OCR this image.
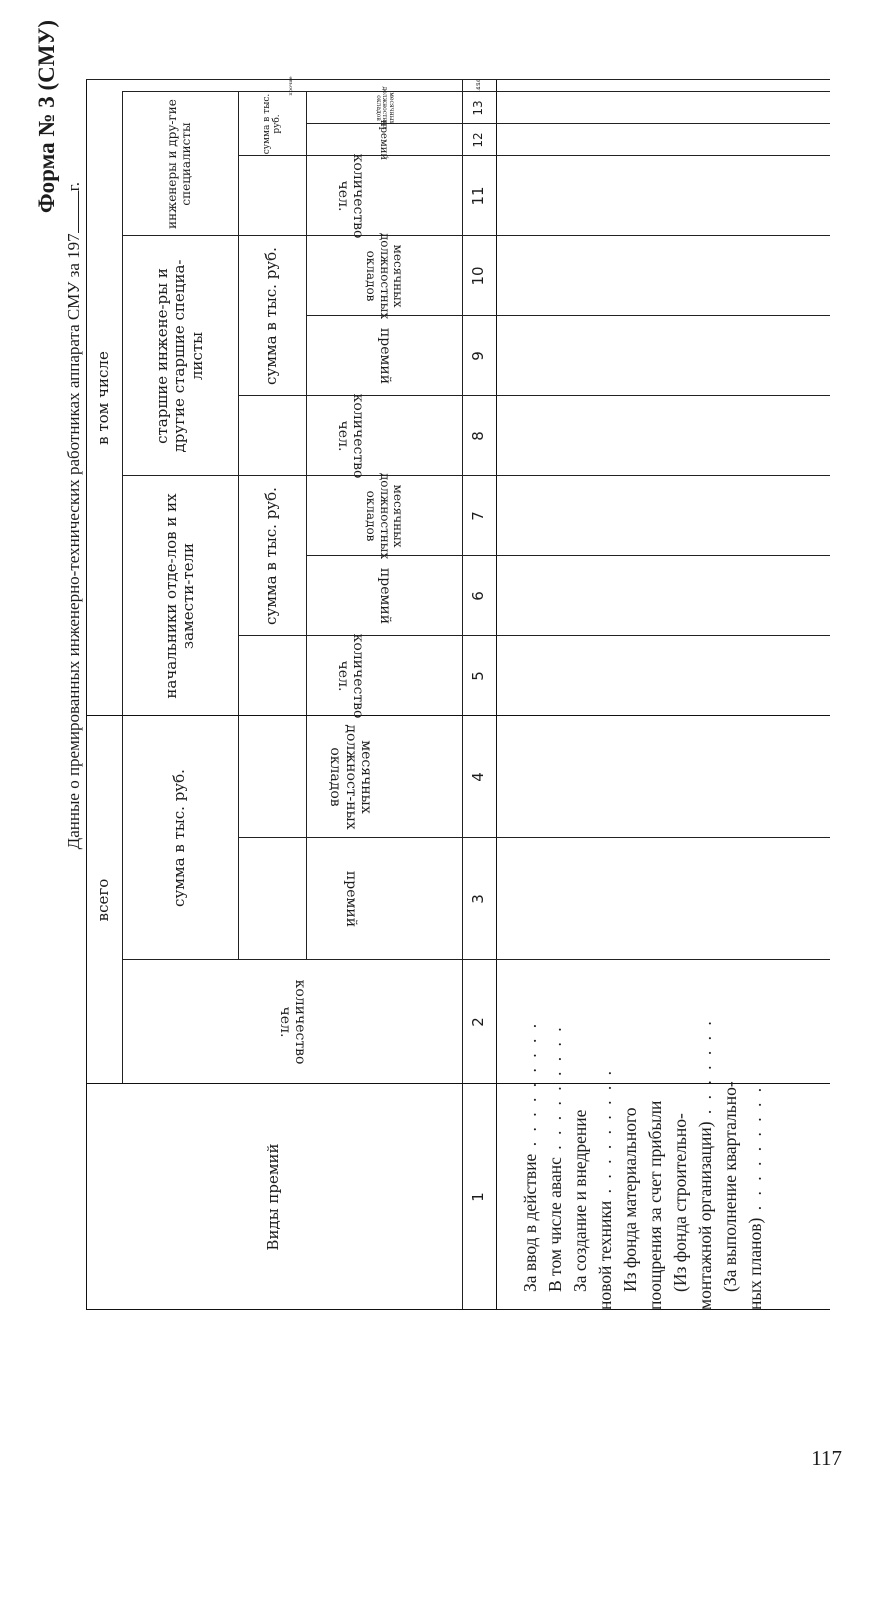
Форма № 3 (СМУ)
Данные о премированных инженерно-технических работниках аппарата СМУ за 197г.
Виды премий
всего
в том числе
начальники отде-лов и их замести-тели
старшие инжене-ры и другие старшие специа-листы
инженеры и дру-гие специалисты
сумма в тыс. руб.
сумма в тыс. руб.
сумма в тыс. руб.
сумма в тыс. руб.
количество чел.
премий
месячных должност-ных окладов
количество чел.
премий
месячных должностных окладов
количество чел.
премий
месячных должностных окладов
количество чел.
премий
месячных должностных окладов
прочие
1
2
3
4
5
6
7
8
9
10
11
12
13
14
15
16
За ввод в действие
. . . . . . . . .
В том числе аванс
. . . . . . . . .
За создание и внедрение новой техники
. . . . . . . . . Из фонда материального поощрения за счет прибыли (Из фонда строительно- монтажной организации)
. . . . . . .
(За выполнение квартально- ных планов)
. . . . . . . . .
117
